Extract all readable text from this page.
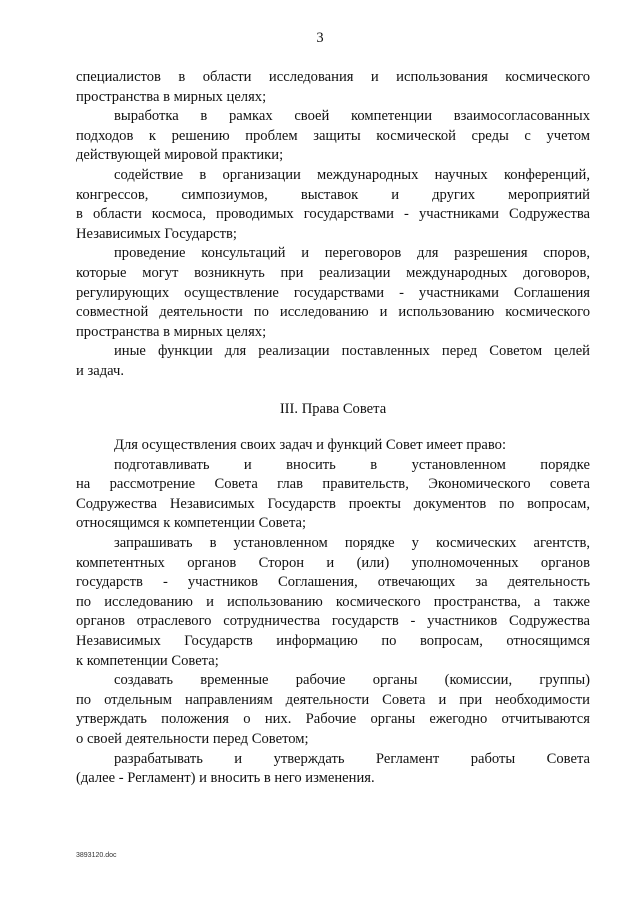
3
специалистов в области исследования и использования космического
пространства в мирных целях;
выработка в рамках своей компетенции взаимосогласованных
подходов к решению проблем защиты космической среды с учетом
действующей мировой практики;
содействие в организации международных научных конференций,
конгрессов, симпозиумов, выставок и других мероприятий
в области космоса, проводимых государствами - участниками Содружества
Независимых Государств;
проведение консультаций и переговоров для разрешения споров,
которые могут возникнуть при реализации международных договоров,
регулирующих осуществление государствами - участниками Соглашения
совместной деятельности по исследованию и использованию космического
пространства в мирных целях;
иные функции для реализации поставленных перед Советом целей
и задач.
III. Права Совета
Для осуществления своих задач и функций Совет имеет право:
подготавливать и вносить в установленном порядке
на рассмотрение Совета глав правительств, Экономического совета
Содружества Независимых Государств проекты документов по вопросам,
относящимся к компетенции Совета;
запрашивать в установленном порядке у космических агентств,
компетентных органов Сторон и (или) уполномоченных органов
государств - участников Соглашения, отвечающих за деятельность
по исследованию и использованию космического пространства, а также
органов отраслевого сотрудничества государств - участников Содружества
Независимых Государств информацию по вопросам, относящимся
к компетенции Совета;
создавать временные рабочие органы (комиссии, группы)
по отдельным направлениям деятельности Совета и при необходимости
утверждать положения о них. Рабочие органы ежегодно отчитываются
о своей деятельности перед Советом;
разрабатывать и утверждать Регламент работы Совета
(далее - Регламент) и вносить в него изменения.
3893120.doc
